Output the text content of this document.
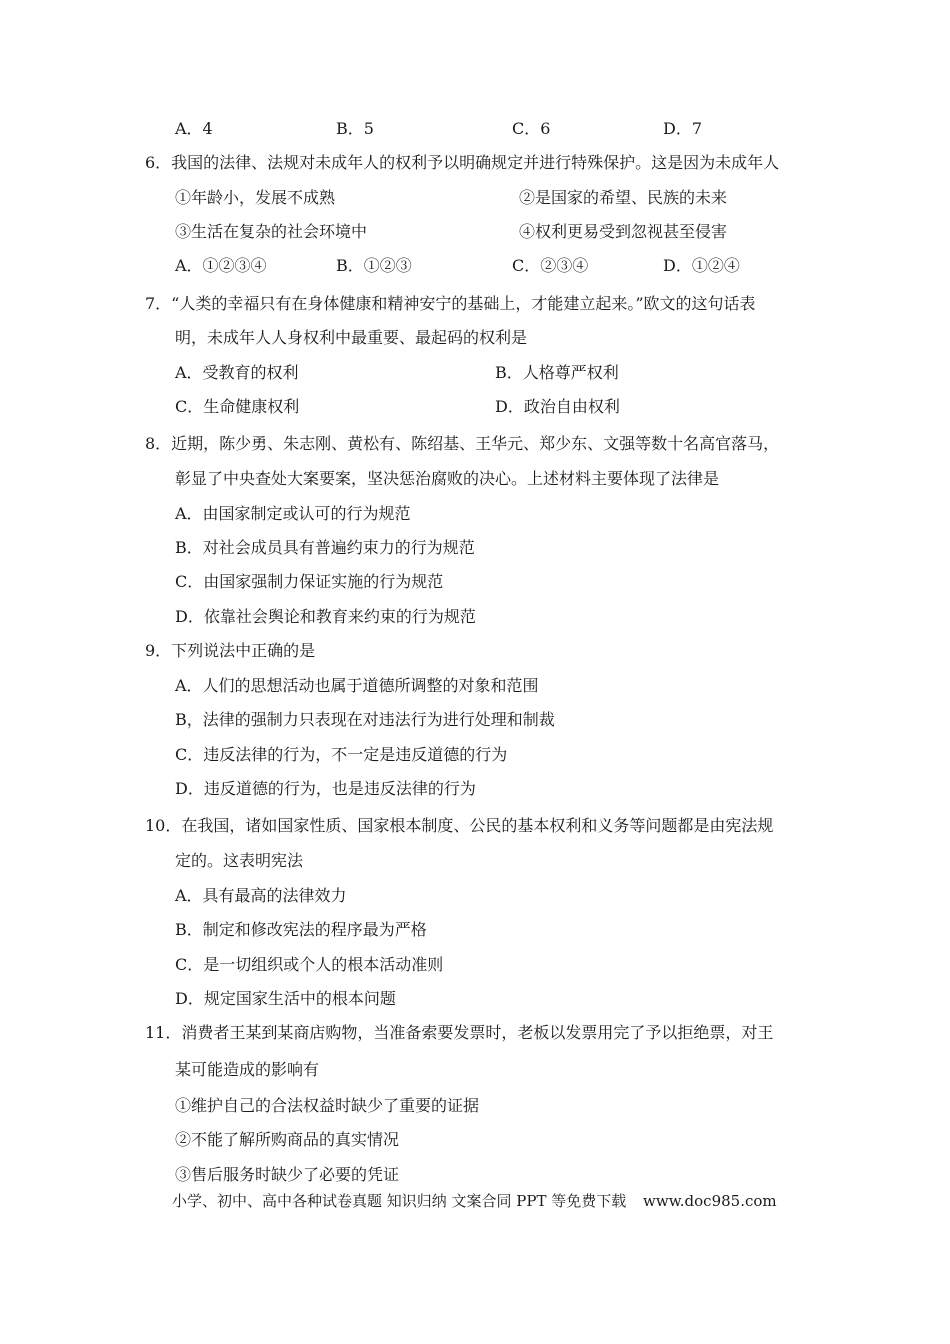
A．4	B．5	C．6	D．7
6．我国的法律、法规对未成年人的权利予以明确规定并进行特殊保护。这是因为未成年人
①年龄小，发展不成熟	②是国家的希望、民族的未来
③生活在复杂的社会环境中	④权利更易受到忽视甚至侵害
A．①②③④	B．①②③	C．②③④	D．①②④
7．“人类的幸福只有在身体健康和精神安宁的基础上，才能建立起来。”欧文的这句话表
明，未成年人人身权利中最重要、最起码的权利是
A．受教育的权利	B．人格尊严权利
C．生命健康权利	D．政治自由权利
8．近期，陈少勇、朱志刚、黄松有、陈绍基、王华元、郑少东、文强等数十名高官落马，
彰显了中央查处大案要案，坚决惩治腐败的决心。上述材料主要体现了法律是
A．由国家制定或认可的行为规范
B．对社会成员具有普遍约束力的行为规范
C．由国家强制力保证实施的行为规范
D．依靠社会舆论和教育来约束的行为规范
9．下列说法中正确的是
A．人们的思想活动也属于道德所调整的对象和范围
B，法律的强制力只表现在对违法行为进行处理和制裁
C．违反法律的行为，不一定是违反道德的行为
D．违反道德的行为，也是违反法律的行为
10．在我国，诸如国家性质、国家根本制度、公民的基本权利和义务等问题都是由宪法规
定的。这表明宪法
A．具有最高的法律效力
B．制定和修改宪法的程序最为严格
C．是一切组织或个人的根本活动准则
D．规定国家生活中的根本问题
11．消费者王某到某商店购物，当准备索要发票时，老板以发票用完了予以拒绝票，对王
某可能造成的影响有
①维护自己的合法权益时缺少了重要的证据
②不能了解所购商品的真实情况
③售后服务时缺少了必要的凭证
小学、初中、高中各种试卷真题 知识归纳 文案合同 PPT 等免费下载 www.doc985.com
